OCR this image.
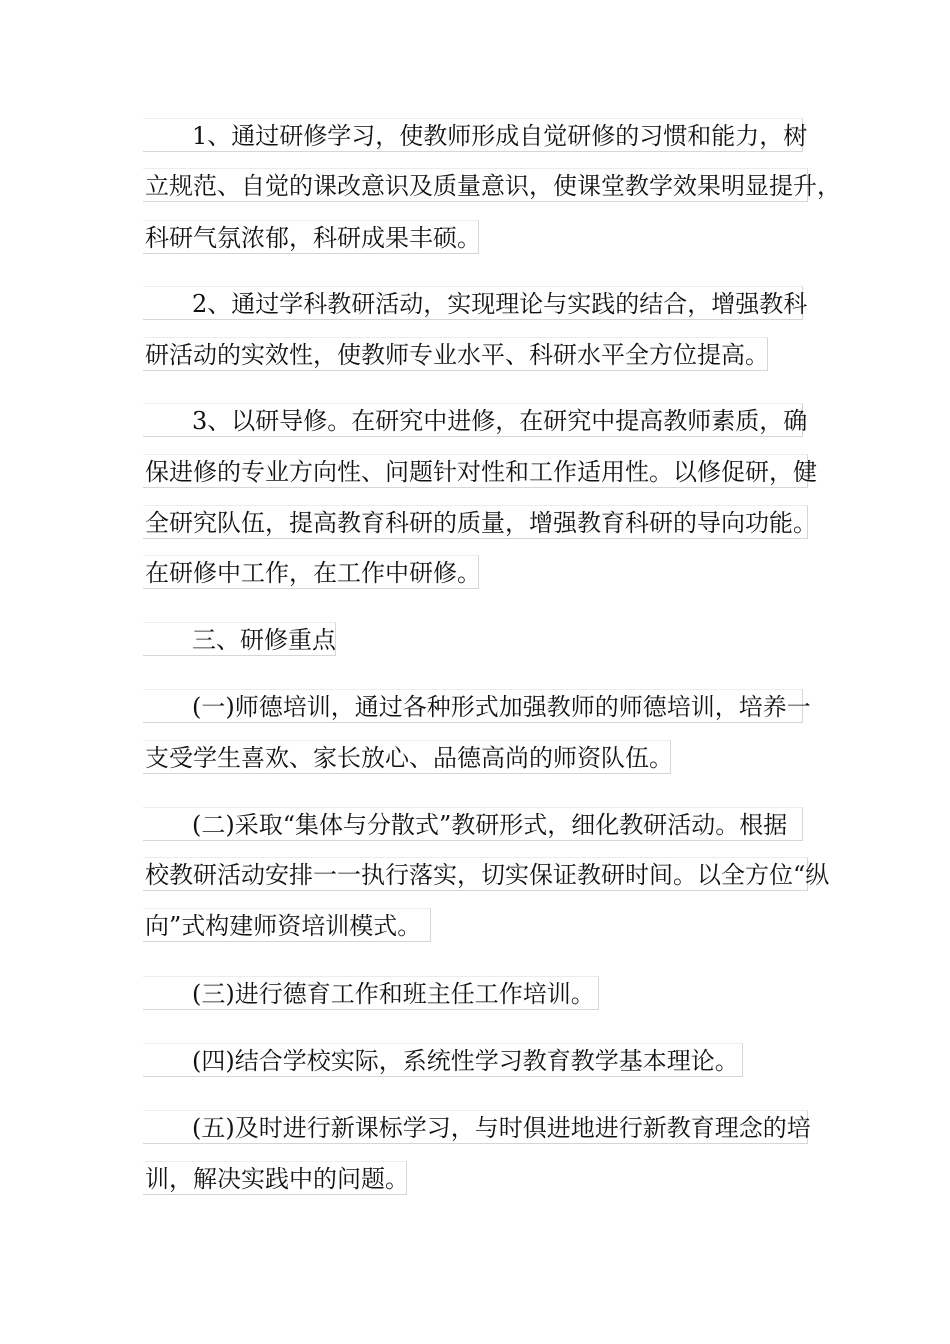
1、通过研修学习，使教师形成自觉研修的习惯和能力，树
立规范、自觉的课改意识及质量意识，使课堂教学效果明显提升，
科研气氛浓郁，科研成果丰硕。
2、通过学科教研活动，实现理论与实践的结合，增强教科
研活动的实效性，使教师专业水平、科研水平全方位提高。
3、以研导修。在研究中进修，在研究中提高教师素质，确
保进修的专业方向性、问题针对性和工作适用性。以修促研，健
全研究队伍，提高教育科研的质量，增强教育科研的导向功能。
在研修中工作，在工作中研修。
三、研修重点
(一)师德培训，通过各种形式加强教师的师德培训，培养一
支受学生喜欢、家长放心、品德高尚的师资队伍。
(二)采取“集体与分散式”教研形式，细化教研活动。根据
校教研活动安排一一执行落实，切实保证教研时间。以全方位“纵
向”式构建师资培训模式。
(三)进行德育工作和班主任工作培训。
(四)结合学校实际，系统性学习教育教学基本理论。
(五)及时进行新课标学习，与时俱进地进行新教育理念的培
训，解决实践中的问题。
